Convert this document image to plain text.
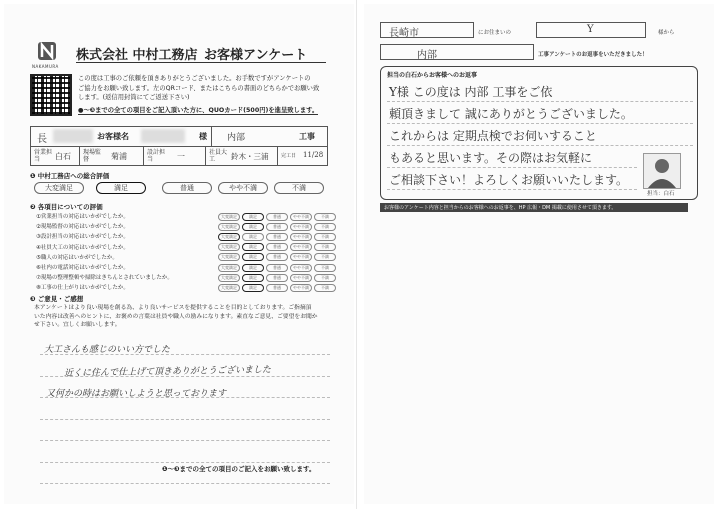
NAKAMURA
株式会社 中村工務店 お客様アンケート
この度は工事のご依頼を頂きありがとうございました。お手数ですがアンケートの
ご協力をお願い致します。左のQRコード、またはこちらの書面のどちらかでお願い致
します。(返信用封筒にてご返送下さい)
●～❸までの全ての項目をご記入頂いた方に、QUOカード(500円)を進呈致します。
長	お客様名	様 内部	工事
営業担当	白石 現場監督	菊浦	設計担当	一	社員大工	鈴木・三浦	完工日 11/28
❶ 中村工務店への総合評価
大変満足	満足	普通	やや不満	不満
❷ 各項目についての評価
①営業担当の対応はいかがでしたか。	大変満足	満足	普通	やや不満	不満
②現場監督の対応はいかがでしたか。	大変満足	満足	普通	やや不満	不満
③設計担当の対応はいかがでしたか。	大変満足	満足	普通	やや不満	不満
④社員大工の対応はいかがでしたか。	大変満足	満足	普通	やや不満	不満
⑤職人の対応はいかがでしたか。	大変満足	満足	普通	やや不満	不満
⑥社内の電話対応はいかがでしたか。	大変満足	満足	普通	やや不満	不満
⑦現場の整理整頓や掃除はきちんとされていましたか。	大変満足	満足	普通	やや不満	不満
⑧工事の仕上がりはいかがでしたか。	大変満足	満足	普通	やや不満	不満
❸ ご意見・ご感想
本アンケートはより良い現場を創る為、より良いサービスを提供することを目的としております。ご指摘頂
いた内容は改善へのヒントに、お褒めの言葉は社員や職人の励みになります。素直なご意見、ご要望をお聞か
せ下さい。宜しくお願いします。
大工さんも感じのいい方でした
近くに住んで仕上げて頂きありがとうございました
又何かの時はお願いしようと思っております
❶～❸までの全ての項目のご記入をお願い致します。
長崎市	にお住まいの	Y	様から
内部	工事アンケートのお返事をいただきました！
担当の白石からお客様へのお返事
Y様 この度は 内部 工事をご依
頼頂きまして 誠にありがとうございました。
これからは 定期点検でお伺いすること
もあると思います。その際はお気軽に
ご相談下さい！よろしくお願いいたします。
担当：白石
お客様のアンケート内容と担当からのお客様へのお返事を、HP 広報・DM 掲載に使用させて頂きます。
